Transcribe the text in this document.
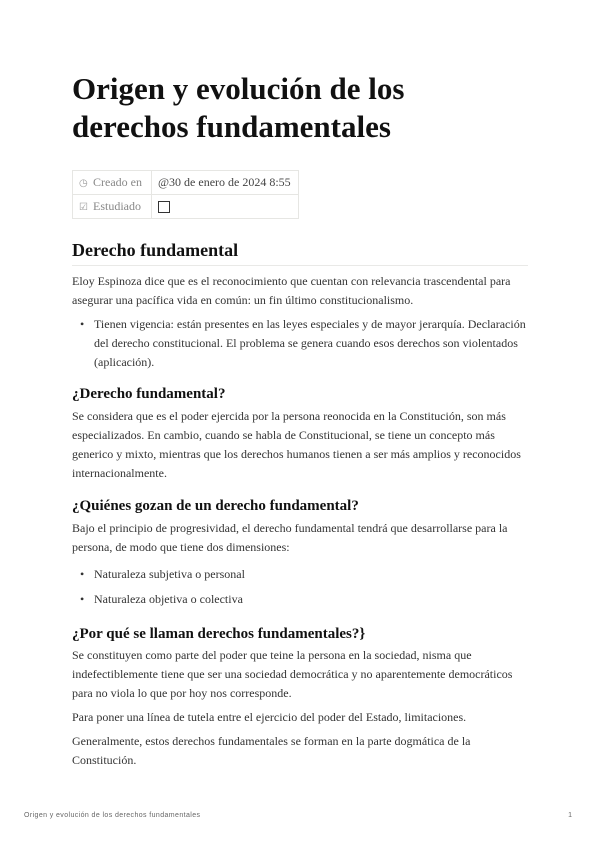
Origen y evolución de los derechos fundamentales
◷ Creado en	@30 de enero de 2024 8:55
☑ Estudiado	
Derecho fundamental

Eloy Espinoza dice que es el reconocimiento que cuentan con relevancia trascendental para asegurar una pacífica vida en común: un fin último constitucionalismo.

• Tienen vigencia: están presentes en las leyes especiales y de mayor jerarquía. Declaración del derecho constitucional. El problema se genera cuando esos derechos son violentados (aplicación).
¿Derecho fundamental?

Se considera que es el poder ejercida por la persona reonocida en la Constitución, son más especializados. En cambio, cuando se habla de Constitucional, se tiene un concepto más generico y mixto, mientras que los derechos humanos tienen a ser más amplios y reconocidos internacionalmente.

¿Quiénes gozan de un derecho fundamental?

Bajo el principio de progresividad, el derecho fundamental tendrá que desarrollarse para la persona, de modo que tiene dos dimensiones:

• Naturaleza subjetiva o personal
• Naturaleza objetiva o colectiva
¿Por qué se llaman derechos fundamentales?}

Se constituyen como parte del poder que teine la persona en la sociedad, nisma que indefectiblemente tiene que ser una sociedad democrática y no aparentemente democráticos para no viola lo que por hoy nos corresponde.

Para poner una línea de tutela entre el ejercicio del poder del Estado, limitaciones.

Generalmente, estos derechos fundamentales se forman en la parte dogmática de la Constitución.

Origen y evolución de los derechos fundamentales	1
